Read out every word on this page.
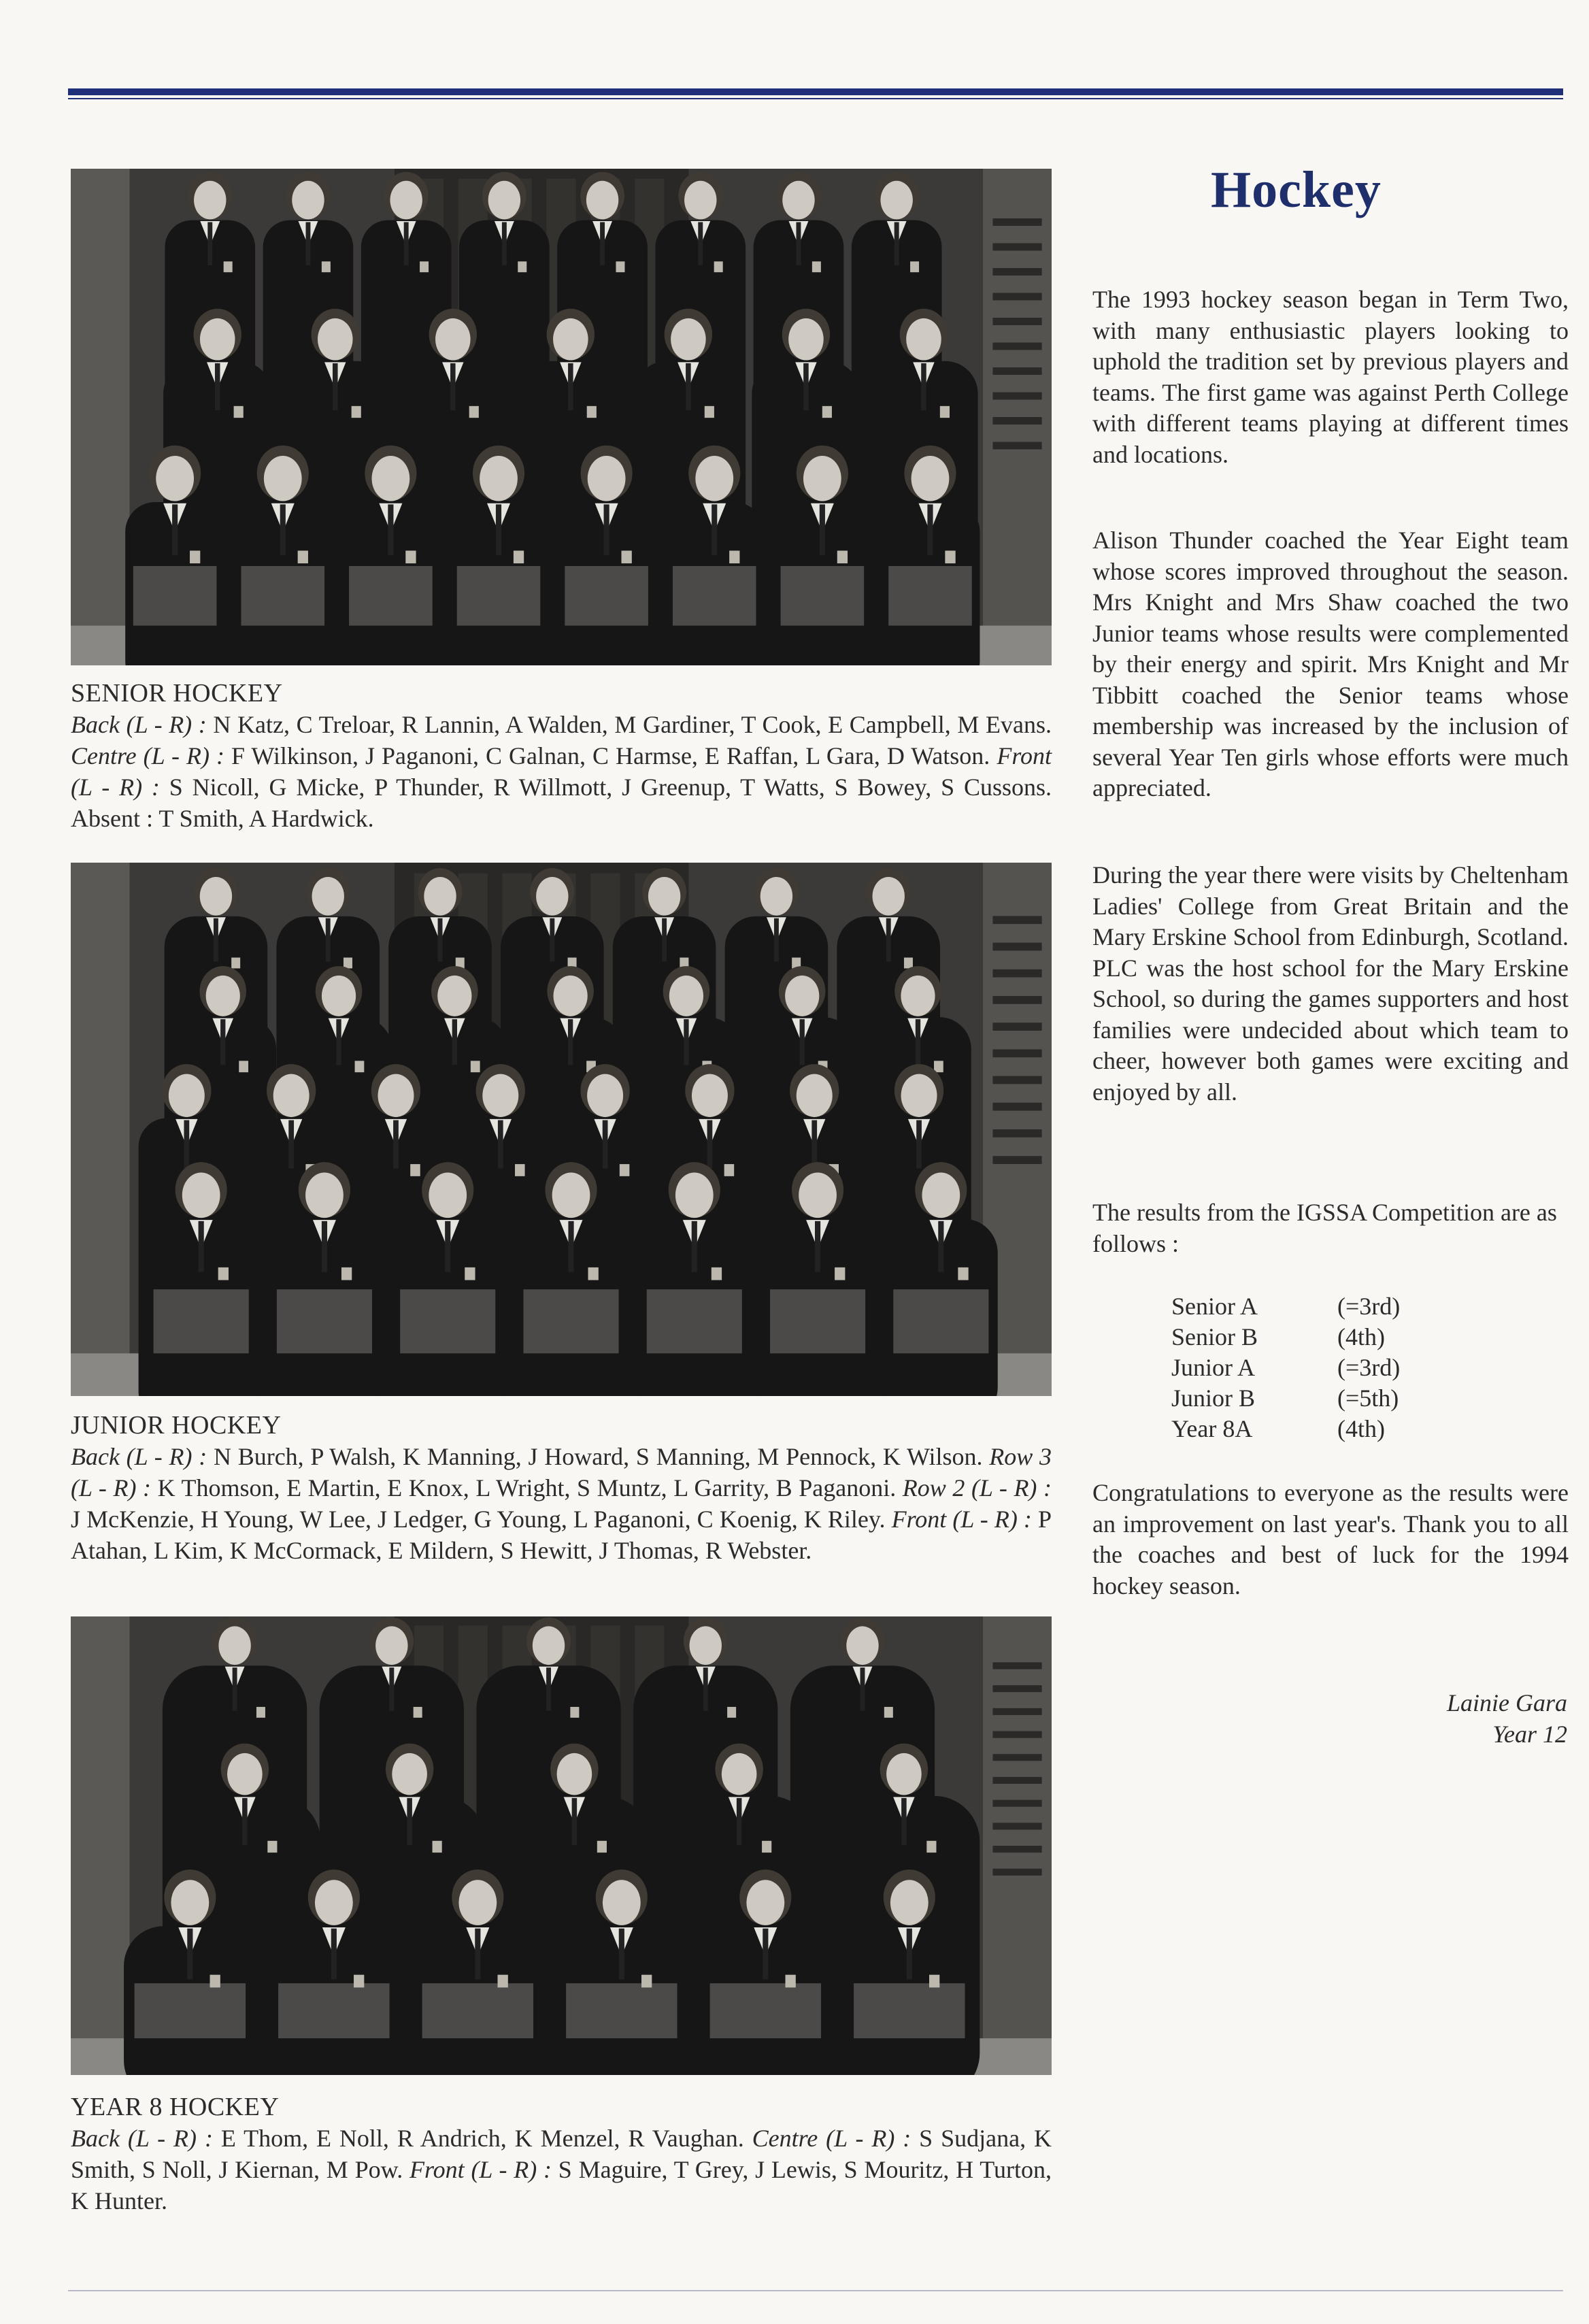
SENIOR HOCKEY
Back (L - R) : N Katz, C Treloar, R Lannin, A Walden, M Gardiner, T Cook, E Campbell, M Evans. Centre (L - R) : F Wilkinson, J Paganoni, C Galnan, C Harmse, E Raffan, L Gara, D Watson. Front (L - R) : S Nicoll, G Micke, P Thunder, R Willmott, J Greenup, T Watts, S Bowey, S Cussons. Absent : T Smith, A Hardwick.
JUNIOR HOCKEY
Back (L - R) : N Burch, P Walsh, K Manning, J Howard, S Manning, M Pennock, K Wilson. Row 3 (L - R) : K Thomson, E Martin, E Knox, L Wright, S Muntz, L Garrity, B Paganoni. Row 2 (L - R) : J McKenzie, H Young, W Lee, J Ledger, G Young, L Paganoni, C Koenig, K Riley. Front (L - R) : P Atahan, L Kim, K McCormack, E Mildern, S Hewitt, J Thomas, R Webster.
YEAR 8 HOCKEY
Back (L - R) : E Thom, E Noll, R Andrich, K Menzel, R Vaughan. Centre (L - R) : S Sudjana, K Smith, S Noll, J Kiernan, M Pow. Front (L - R) : S Maguire, T Grey, J Lewis, S Mouritz, H Turton, K Hunter.
Hockey

The 1993 hockey season began in Term Two, with many enthusiastic players looking to uphold the tradition set by previous players and teams. The first game was against Perth College with different teams playing at different times and locations.

Alison Thunder coached the Year Eight team whose scores improved throughout the season. Mrs Knight and Mrs Shaw coached the two Junior teams whose results were complemented by their energy and spirit. Mrs Knight and Mr Tibbitt coached the Senior teams whose membership was increased by the inclusion of several Year Ten girls whose efforts were much appreciated.

During the year there were visits by Cheltenham Ladies' College from Great Britain and the Mary Erskine School from Edinburgh, Scotland. PLC was the host school for the Mary Erskine School, so during the games supporters and host families were undecided about which team to cheer, however both games were exciting and enjoyed by all.

The results from the IGSSA Competition are as follows :

Senior A	(=3rd)
Senior B	(4th)
Junior A	(=3rd)
Junior B	(=5th)
Year 8A	(4th)

Congratulations to everyone as the results were an improvement on last year's. Thank you to all the coaches and best of luck for the 1994 hockey season.

Lainie Gara
Year 12
